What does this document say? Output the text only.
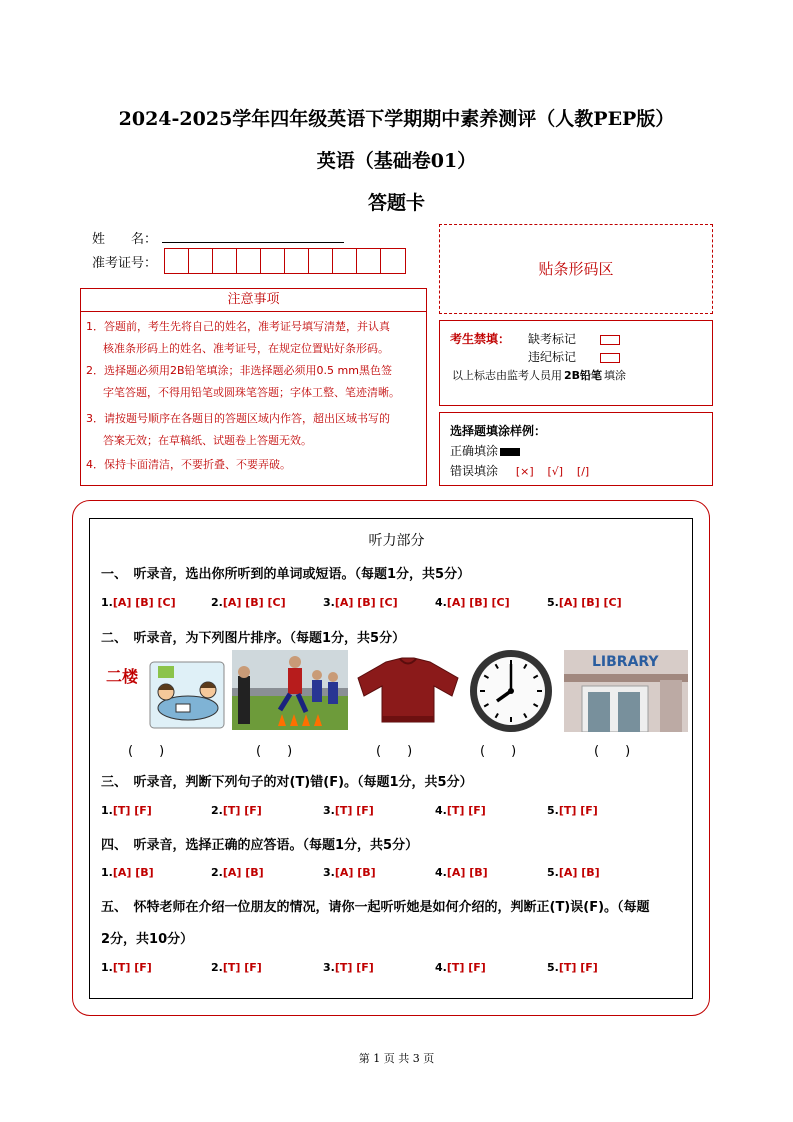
2024-2025学年四年级英语下学期期中素养测评（人教PEP版）
英语（基础卷01）
答题卡
姓　　名：
准考证号：	贴条形码区
注意事项
1．答题前，考生先将自己的姓名，准考证号填写清楚，并认真
核准条形码上的姓名、准考证号，在规定位置贴好条形码。
2．选择题必须用2B铅笔填涂；非选择题必须用0.5 mm黑色签
字笔答题，不得用铅笔或圆珠笔答题；字体工整、笔迹清晰。
3．请按题号顺序在各题目的答题区域内作答，超出区域书写的
答案无效；在草稿纸、试题卷上答题无效。
4．保持卡面清洁，不要折叠、不要弄破。
考生禁填： 缺考标记
违纪标记
以上标志由监考人员用 2B铅笔 填涂
选择题填涂样例：
正确填涂
错误填涂 [×] [√] [/]
听力部分
一、　听录音，选出你所听到的单词或短语。（每题1分，共5分）
1.[A] [B] [C]	2.[A] [B] [C]	3.[A] [B] [C]	4.[A] [B] [C]	5.[A] [B] [C]
二、　听录音，为下列图片排序。（每题1分，共5分）
二楼
LIBRARY
(　　)	(　　)	(　　)	(　　)	(　　)
三、　听录音，判断下列句子的对(T)错(F)。（每题1分，共5分）
1.[T] [F]	2.[T] [F]	3.[T] [F]	4.[T] [F]	5.[T] [F]
四、　听录音，选择正确的应答语。（每题1分，共5分）
1.[A] [B]	2.[A] [B]	3.[A] [B]	4.[A] [B]	5.[A] [B]
五、　怀特老师在介绍一位朋友的情况，请你一起听听她是如何介绍的，判断正(T)误(F)。（每题
2分，共10分）
1.[T] [F]	2.[T] [F]	3.[T] [F]	4.[T] [F]	5.[T] [F]
第 1 页 共 3 页
